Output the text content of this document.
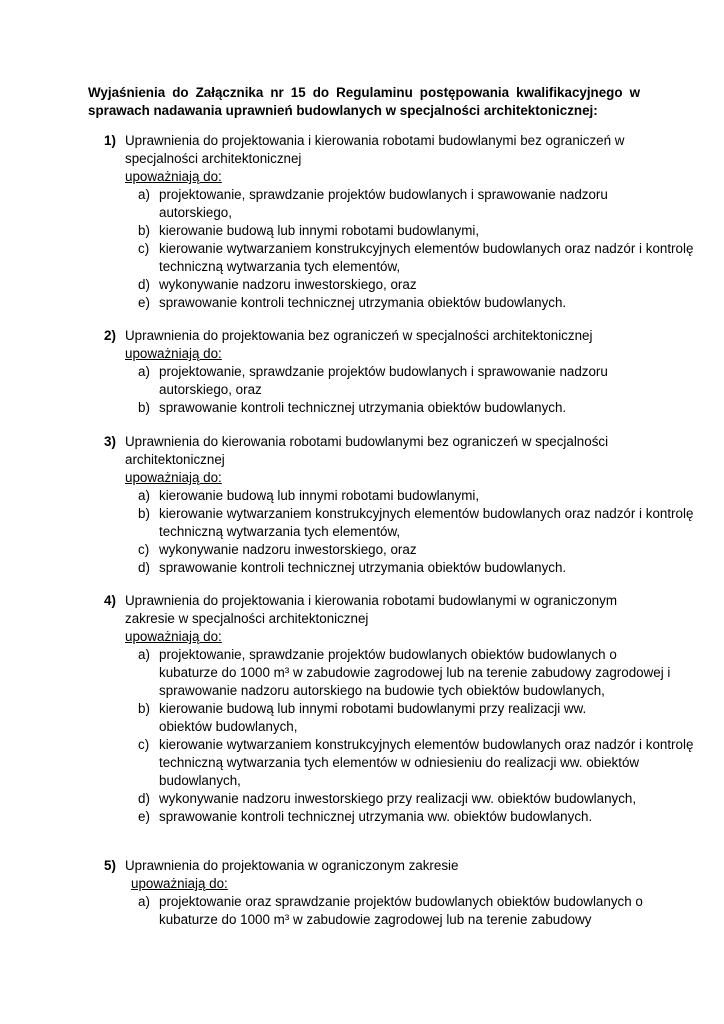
Wyjaśnienia do Załącznika nr 15 do Regulaminu postępowania kwalifikacyjnego w sprawach nadawania uprawnień budowlanych w specjalności architektonicznej:
1) Uprawnienia do projektowania i kierowania robotami budowlanymi bez ograniczeń w specjalności architektonicznej
upoważniają do:
a) projektowanie, sprawdzanie projektów budowlanych i sprawowanie nadzoru autorskiego,
b) kierowanie budową lub innymi robotami budowlanymi,
c) kierowanie wytwarzaniem konstrukcyjnych elementów budowlanych oraz nadzór i kontrolę techniczną wytwarzania tych elementów,
d) wykonywanie nadzoru inwestorskiego, oraz
e) sprawowanie kontroli technicznej utrzymania obiektów budowlanych.
2) Uprawnienia do projektowania bez ograniczeń w specjalności architektonicznej
upoważniają do:
a) projektowanie, sprawdzanie projektów budowlanych i sprawowanie nadzoru autorskiego, oraz
b) sprawowanie kontroli technicznej utrzymania obiektów budowlanych.
Uprawnienia do kierowania robotami budowlanymi bez ograniczeń w specjalności architektonicznej
3)
upoważniają do:
a) kierowanie budową lub innymi robotami budowlanymi,
b) kierowanie wytwarzaniem konstrukcyjnych elementów budowlanych oraz nadzór i kontrolę techniczną wytwarzania tych elementów,
c) wykonywanie nadzoru inwestorskiego, oraz
d) sprawowanie kontroli technicznej utrzymania obiektów budowlanych.
4) Uprawnienia do projektowania i kierowania robotami budowlanymi w ograniczonym zakresie w specjalności architektonicznej
upoważniają do:
a) projektowanie, sprawdzanie projektów budowlanych obiektów budowlanych o kubaturze do 1000 m³ w zabudowie zagrodowej lub na terenie zabudowy zagrodowej i sprawowanie nadzoru autorskiego na budowie tych obiektów budowlanych,
b) kierowanie budową lub innymi robotami budowlanymi przy realizacji ww. obiektów budowlanych,
c) kierowanie wytwarzaniem konstrukcyjnych elementów budowlanych oraz nadzór i kontrolę techniczną wytwarzania tych elementów w odniesieniu do realizacji ww. obiektów budowlanych,
d) wykonywanie nadzoru inwestorskiego przy realizacji ww. obiektów budowlanych,
e) sprawowanie kontroli technicznej utrzymania ww. obiektów budowlanych.
5) Uprawnienia do projektowania w ograniczonym zakresie
upoważniają do:
a) projektowanie oraz sprawdzanie projektów budowlanych obiektów budowlanych o kubaturze do 1000 m³ w zabudowie zagrodowej lub na terenie zabudowy
